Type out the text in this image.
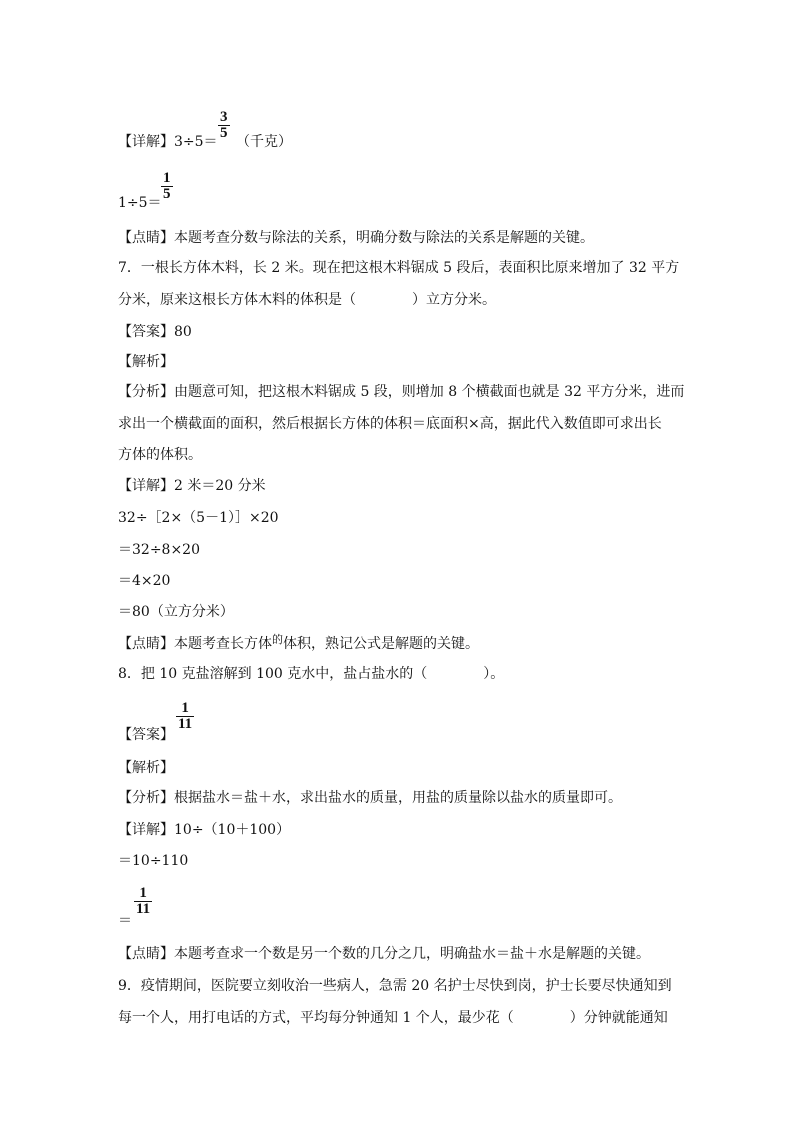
【详解】3÷5＝
3
5
（千克）
1÷5＝
1
5
【点睛】本题考查分数与除法的关系，明确分数与除法的关系是解题的关键。
7．一根长方体木料，长 2 米。现在把这根木料锯成 5 段后，表面积比原来增加了 32 平方
分米，原来这根长方体木料的体积是（　　　　）立方分米。
【答案】80
【解析】
【分析】由题意可知，把这根木料锯成 5 段，则增加 8 个横截面也就是 32 平方分米，进而
求出一个横截面的面积，然后根据长方体的体积＝底面积×高，据此代入数值即可求出长
方体的体积。
【详解】2 米＝20 分米
32÷［2×（5－1）］×20
＝32÷8×20
＝4×20
＝80（立方分米）
【点睛】本题考查长方体$^的$体积，熟记公式是解题的关键。
8．把 10 克盐溶解到 100 克水中，盐占盐水的（　　　　）。
【答案】
1
11
【解析】
【分析】根据盐水＝盐＋水，求出盐水的质量，用盐的质量除以盐水的质量即可。
【详解】10÷（10＋100）
＝10÷110
＝
1
11
【点睛】本题考查求一个数是另一个数的几分之几，明确盐水＝盐＋水是解题的关键。
9．疫情期间，医院要立刻收治一些病人，急需 20 名护士尽快到岗，护士长要尽快通知到
每一个人，用打电话的方式，平均每分钟通知 1 个人，最少花（　　　　）分钟就能通知
